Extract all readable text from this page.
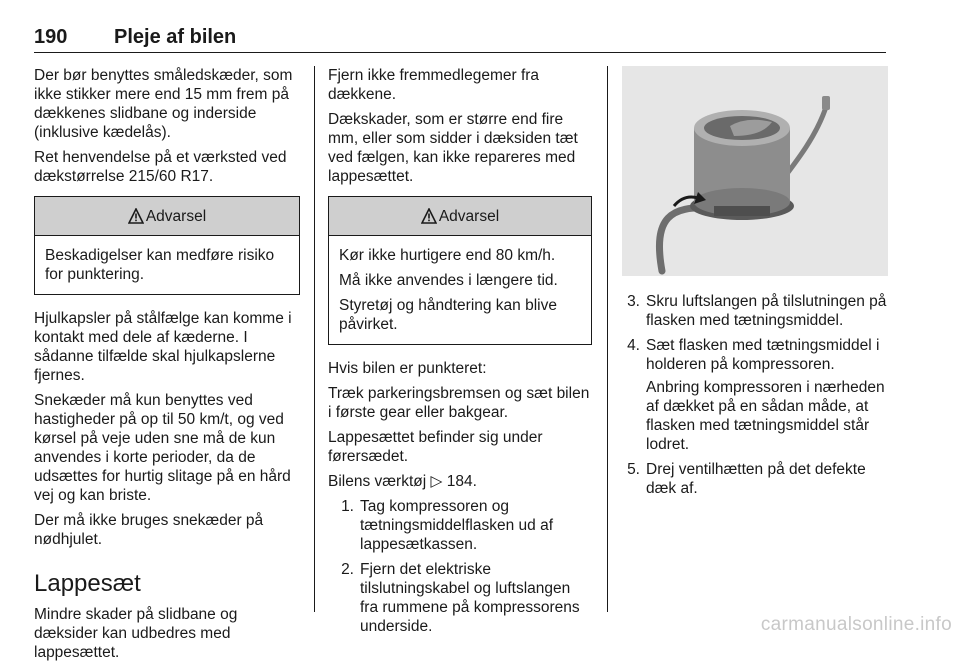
190 Pleje af bilen

Der bør benyttes småledskæder, som ikke stikker mere end 15 mm frem på dækkenes slidbane og inderside (inklusive kædelås).

Ret henvendelse på et værksted ved dækstørrelse 215/60 R17.

Advarsel

Beskadigelser kan medføre risiko for punktering.

Hjulkapsler på stålfælge kan komme i kontakt med dele af kæderne. I sådanne tilfælde skal hjulkapslerne fjernes.

Snekæder må kun benyttes ved hastigheder på op til 50 km/t, og ved kørsel på veje uden sne må de kun anvendes i korte perioder, da de udsættes for hurtig slitage på en hård vej og kan briste.

Der må ikke bruges snekæder på nødhjulet.

Lappesæt

Mindre skader på slidbane og dæksider kan udbedres med lappesættet.

Fjern ikke fremmedlegemer fra dækkene.

Dækskader, som er større end fire mm, eller som sidder i dæksiden tæt ved fælgen, kan ikke repareres med lappesættet.

Advarsel

Kør ikke hurtigere end 80 km/h.

Må ikke anvendes i længere tid.

Styretøj og håndtering kan blive påvirket.

Hvis bilen er punkteret:

Træk parkeringsbremsen og sæt bilen i første gear eller bakgear.

Lappesættet befinder sig under førersædet.

Bilens værktøj ▷ 184.

1. Tag kompressoren og tætningsmiddelflasken ud af lappesætkassen.
2. Fjern det elektriske tilslutningskabel og luftslangen fra rummene på kompressorens underside.
3. Skru luftslangen på tilslutningen på flasken med tætningsmiddel.
4. Sæt flasken med tætningsmiddel i holderen på kompressoren.

Anbring kompressoren i nærheden af dækket på en sådan måde, at flasken med tætningsmiddel står lodret.

5. Drej ventilhætten på det defekte dæk af.
carmanualsonline.info
